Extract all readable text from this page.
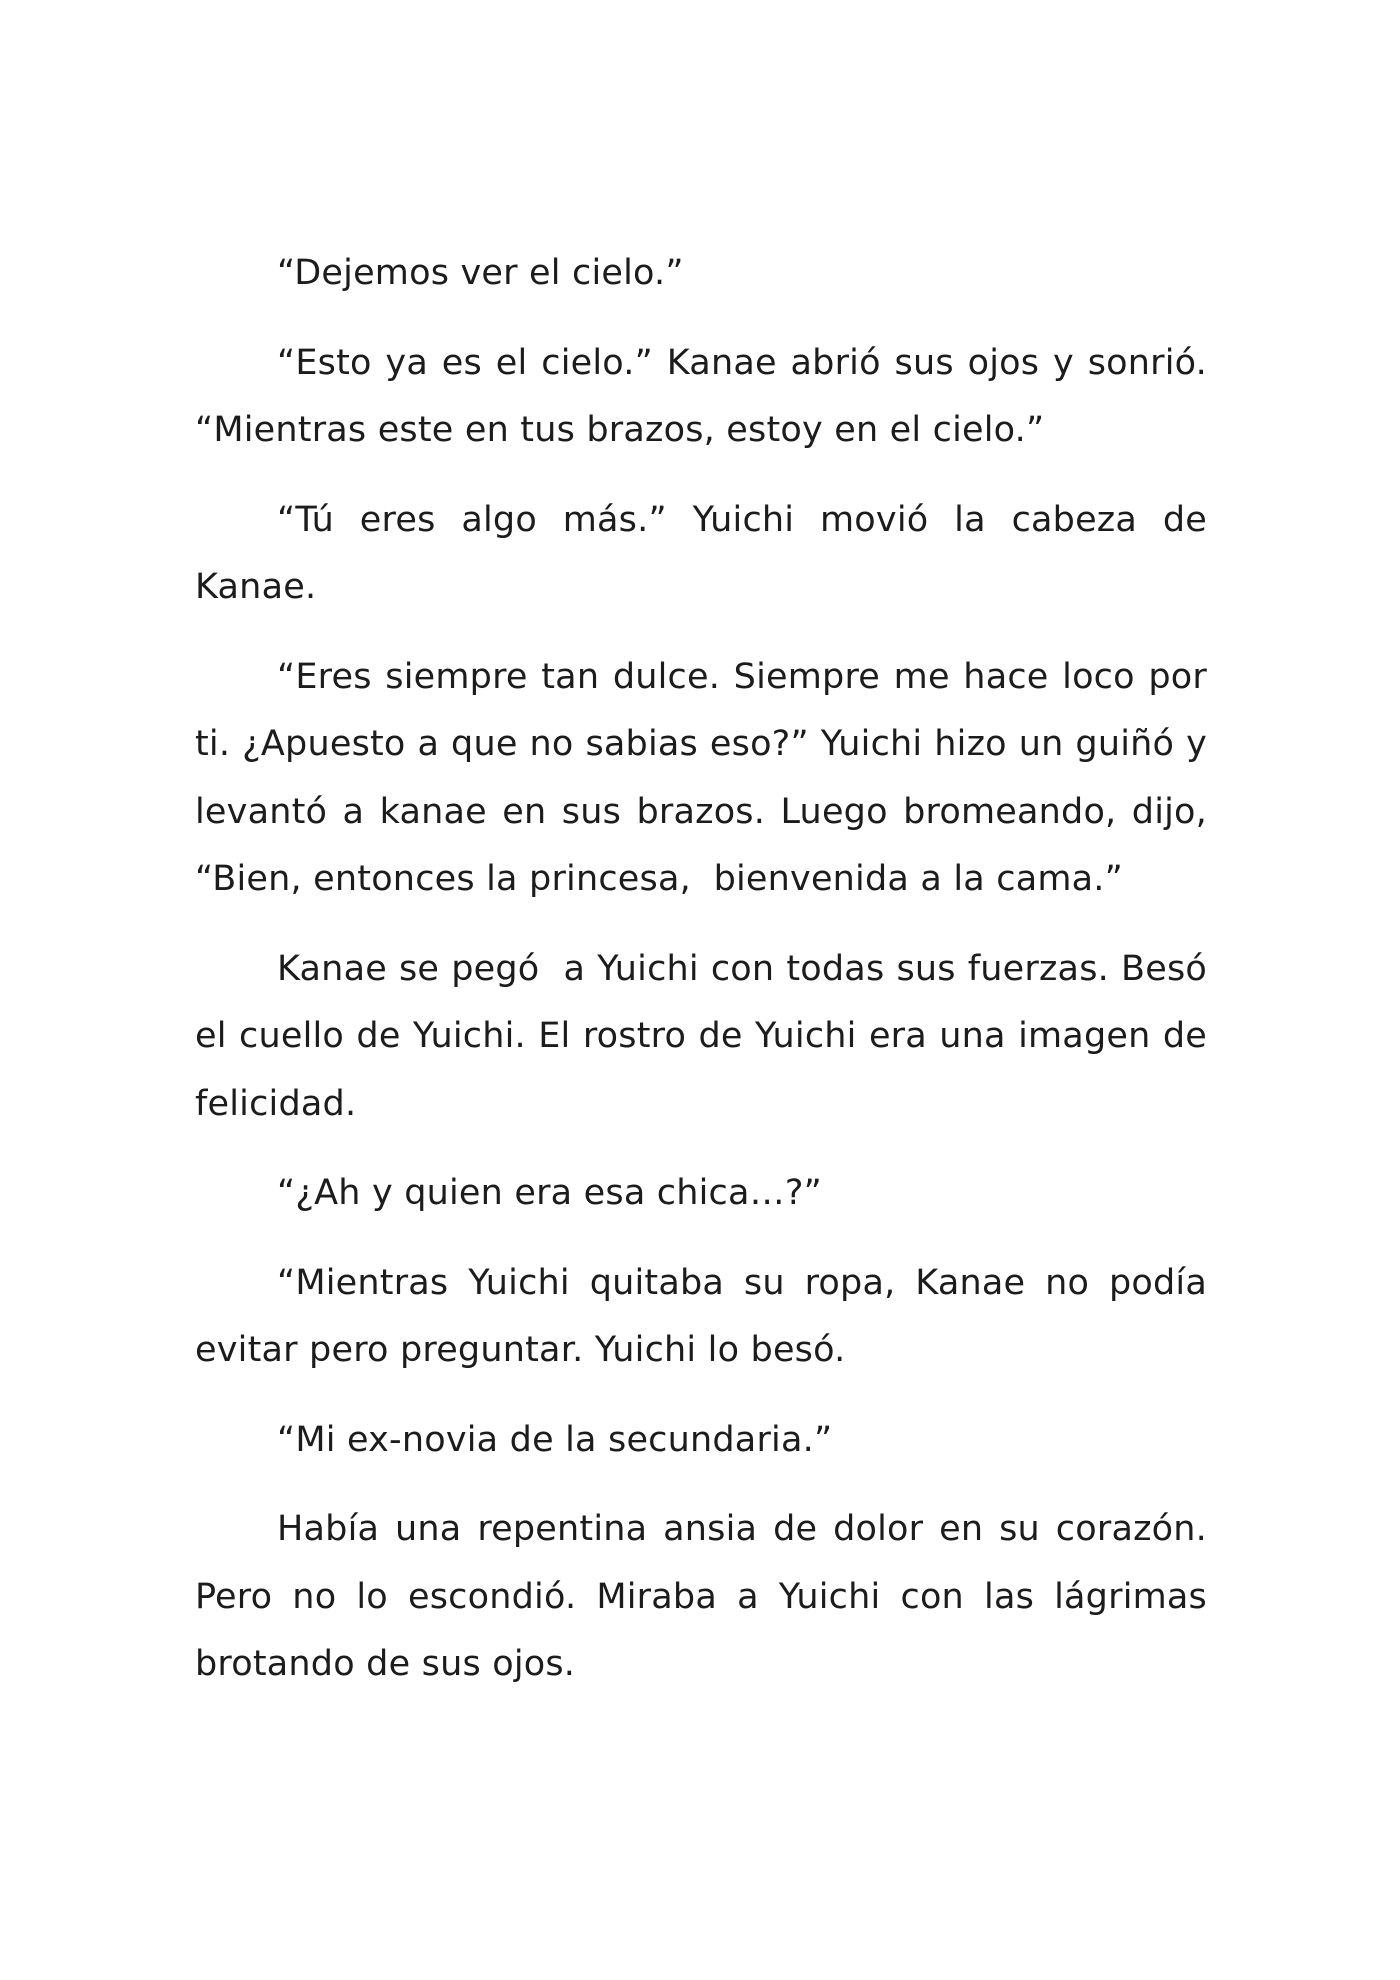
“Dejemos ver el cielo.”

“Esto ya es el cielo.” Kanae abrió sus ojos y sonrió. “Mientras este en tus brazos, estoy en el cielo.”

“Tú eres algo más.” Yuichi movió la cabeza de Kanae.

“Eres siempre tan dulce. Siempre me hace loco por ti. ¿Apuesto a que no sabias eso?” Yuichi hizo un guiñó y levantó a kanae en sus brazos. Luego bromeando, dijo, “Bien, entonces la princesa,  bienvenida a la cama.”

Kanae se pegó  a Yuichi con todas sus fuerzas. Besó el cuello de Yuichi. El rostro de Yuichi era una imagen de felicidad.

“¿Ah y quien era esa chica…?”

“Mientras Yuichi quitaba su ropa, Kanae no podía evitar pero preguntar. Yuichi lo besó.

“Mi ex-novia de la secundaria.”

Había una repentina ansia de dolor en su corazón. Pero no lo escondió. Miraba a Yuichi con las lágrimas brotando de sus ojos.
